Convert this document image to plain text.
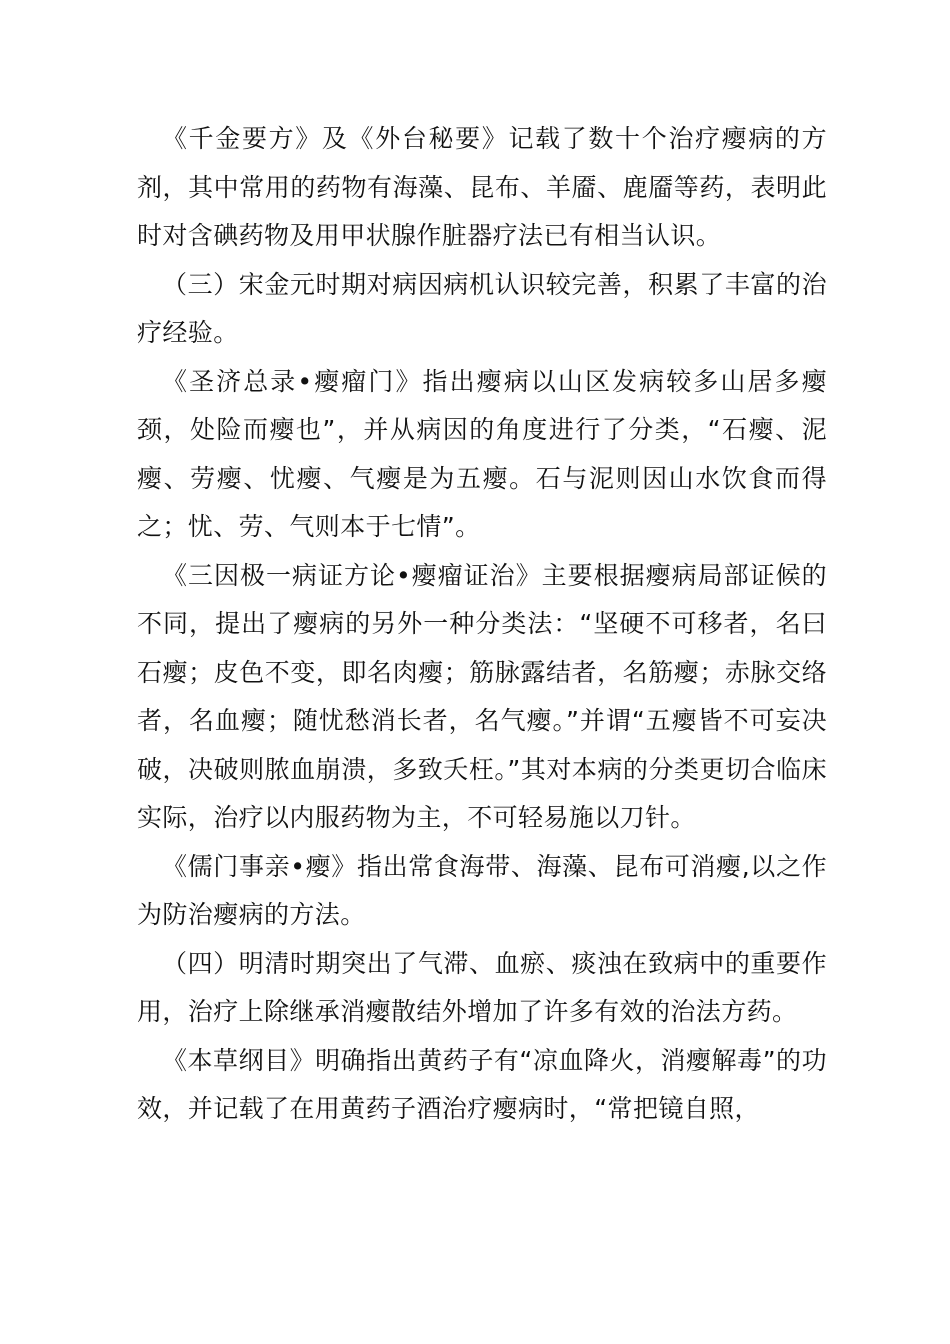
《千金要方》及《外台秘要》记载了数十个治疗瘿病的方剂，其中常用的药物有海藻、昆布、羊靥、鹿靥等药，表明此时对含碘药物及用甲状腺作脏器疗法已有相当认识。

（三）宋金元时期对病因病机认识较完善，积累了丰富的治疗经验。

《圣济总录•瘿瘤门》指出瘿病以山区发病较多山居多瘿颈，处险而瘿也”，并从病因的角度进行了分类，“石瘿、泥瘿、劳瘿、忧瘿、气瘿是为五瘿。石与泥则因山水饮食而得之；忧、劳、气则本于七情”。

《三因极一病证方论•瘿瘤证治》主要根据瘿病局部证候的不同，提出了瘿病的另外一种分类法：“坚硬不可移者，名曰石瘿；皮色不变，即名肉瘿；筋脉露结者，名筋瘿；赤脉交络者，名血瘿；随忧愁消长者，名气瘿。”并谓“五瘿皆不可妄决破，决破则脓血崩溃，多致夭枉。”其对本病的分类更切合临床实际，治疗以内服药物为主，不可轻易施以刀针。

《儒门事亲•瘿》指出常食海带、海藻、昆布可消瘿,以之作为防治瘿病的方法。

（四）明清时期突出了气滞、血瘀、痰浊在致病中的重要作用，治疗上除继承消瘿散结外增加了许多有效的治法方药。

《本草纲目》明确指出黄药子有“凉血降火，消瘿解毒”的功效，并记载了在用黄药子酒治疗瘿病时，“常把镜自照，
